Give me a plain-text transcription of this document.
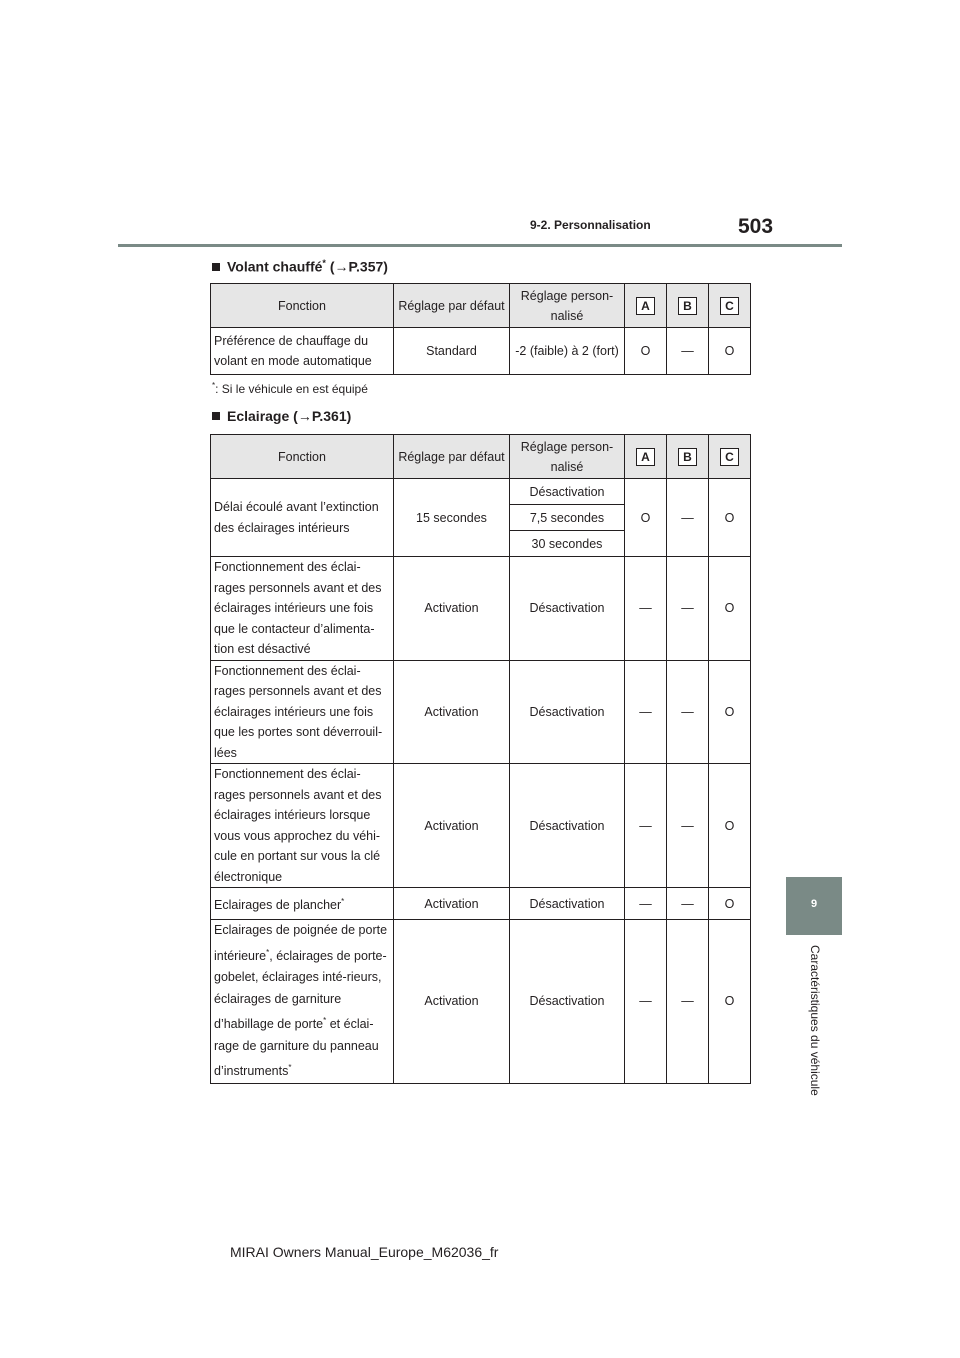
9-2. Personnalisation	503
9
Caractéristiques du véhicule
Volant chauffé* (→P.357)
Fonction	Réglage par défaut	Réglage person-nalisé	A	B	C
Préférence de chauffage du volant en mode automatique	Standard	-2 (faible) à 2 (fort)	O	—	O
*: Si le véhicule en est équipé
Eclairage (→P.361)
Fonction	Réglage par défaut	Réglage person-nalisé	A	B	C
Délai écoulé avant l’extinction des éclairages intérieurs	15 secondes	Désactivation	O	—	O
		7,5 secondes			
		30 secondes			
Fonctionnement des éclai-rages personnels avant et des éclairages intérieurs une fois que le contacteur d’alimenta-tion est désactivé	Activation	Désactivation	—	—	O
Fonctionnement des éclai-rages personnels avant et des éclairages intérieurs une fois que les portes sont déverrouil-lées	Activation	Désactivation	—	—	O
Fonctionnement des éclai-rages personnels avant et des éclairages intérieurs lorsque vous vous approchez du véhi-cule en portant sur vous la clé électronique	Activation	Désactivation	—	—	O
Eclairages de plancher*	Activation	Désactivation	—	—	O
Eclairages de poignée de porte intérieure*, éclairages de porte-gobelet, éclairages inté-rieurs, éclairages de garniture d’habillage de porte* et éclai-rage de garniture du panneau d’instruments*	Activation	Désactivation	—	—	O
MIRAI Owners Manual_Europe_M62036_fr
